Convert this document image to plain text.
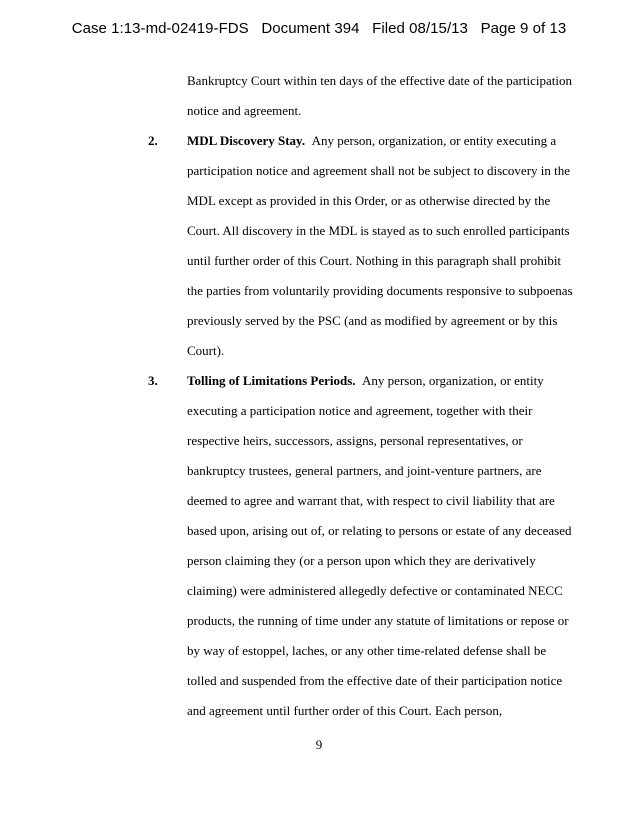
Case 1:13-md-02419-FDS   Document 394   Filed 08/15/13   Page 9 of 13
Bankruptcy Court within ten days of the effective date of the participation
notice and agreement.
2. MDL Discovery Stay. Any person, organization, or entity executing a
participation notice and agreement shall not be subject to discovery in the
MDL except as provided in this Order, or as otherwise directed by the
Court. All discovery in the MDL is stayed as to such enrolled participants
until further order of this Court. Nothing in this paragraph shall prohibit
the parties from voluntarily providing documents responsive to subpoenas
previously served by the PSC (and as modified by agreement or by this
Court).
3. Tolling of Limitations Periods. Any person, organization, or entity
executing a participation notice and agreement, together with their
respective heirs, successors, assigns, personal representatives, or
bankruptcy trustees, general partners, and joint-venture partners, are
deemed to agree and warrant that, with respect to civil liability that are
based upon, arising out of, or relating to persons or estate of any deceased
person claiming they (or a person upon which they are derivatively
claiming) were administered allegedly defective or contaminated NECC
products, the running of time under any statute of limitations or repose or
by way of estoppel, laches, or any other time-related defense shall be
tolled and suspended from the effective date of their participation notice
and agreement until further order of this Court. Each person,
9
